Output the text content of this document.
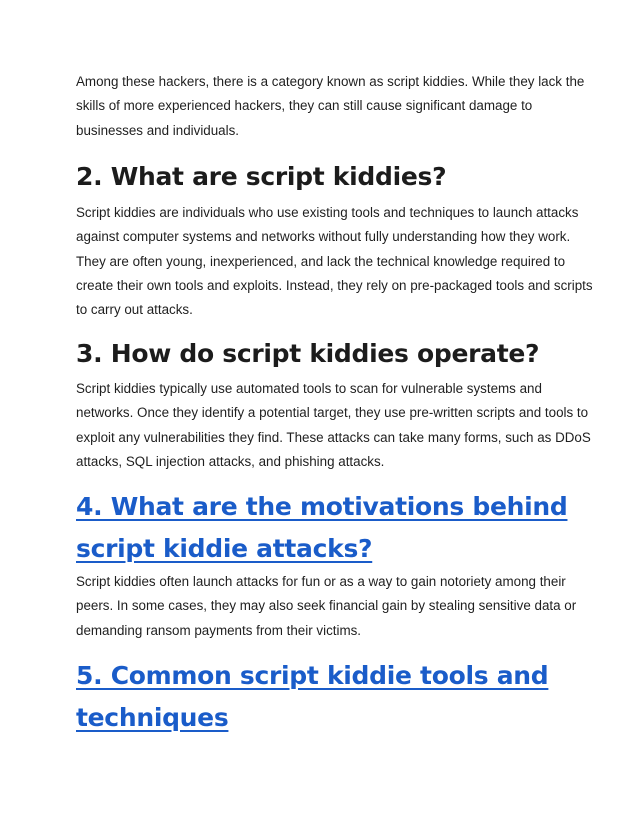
Among these hackers, there is a category known as script kiddies. While they lack the
skills of more experienced hackers, they can still cause significant damage to
businesses and individuals.

2. What are script kiddies?

Script kiddies are individuals who use existing tools and techniques to launch attacks
against computer systems and networks without fully understanding how they work.
They are often young, inexperienced, and lack the technical knowledge required to
create their own tools and exploits. Instead, they rely on pre-packaged tools and scripts
to carry out attacks.

3. How do script kiddies operate?

Script kiddies typically use automated tools to scan for vulnerable systems and
networks. Once they identify a potential target, they use pre-written scripts and tools to
exploit any vulnerabilities they find. These attacks can take many forms, such as DDoS
attacks, SQL injection attacks, and phishing attacks.

4. What are the motivations behind
script kiddie attacks?

Script kiddies often launch attacks for fun or as a way to gain notoriety among their
peers. In some cases, they may also seek financial gain by stealing sensitive data or
demanding ransom payments from their victims.

5. Common script kiddie tools and
techniques
